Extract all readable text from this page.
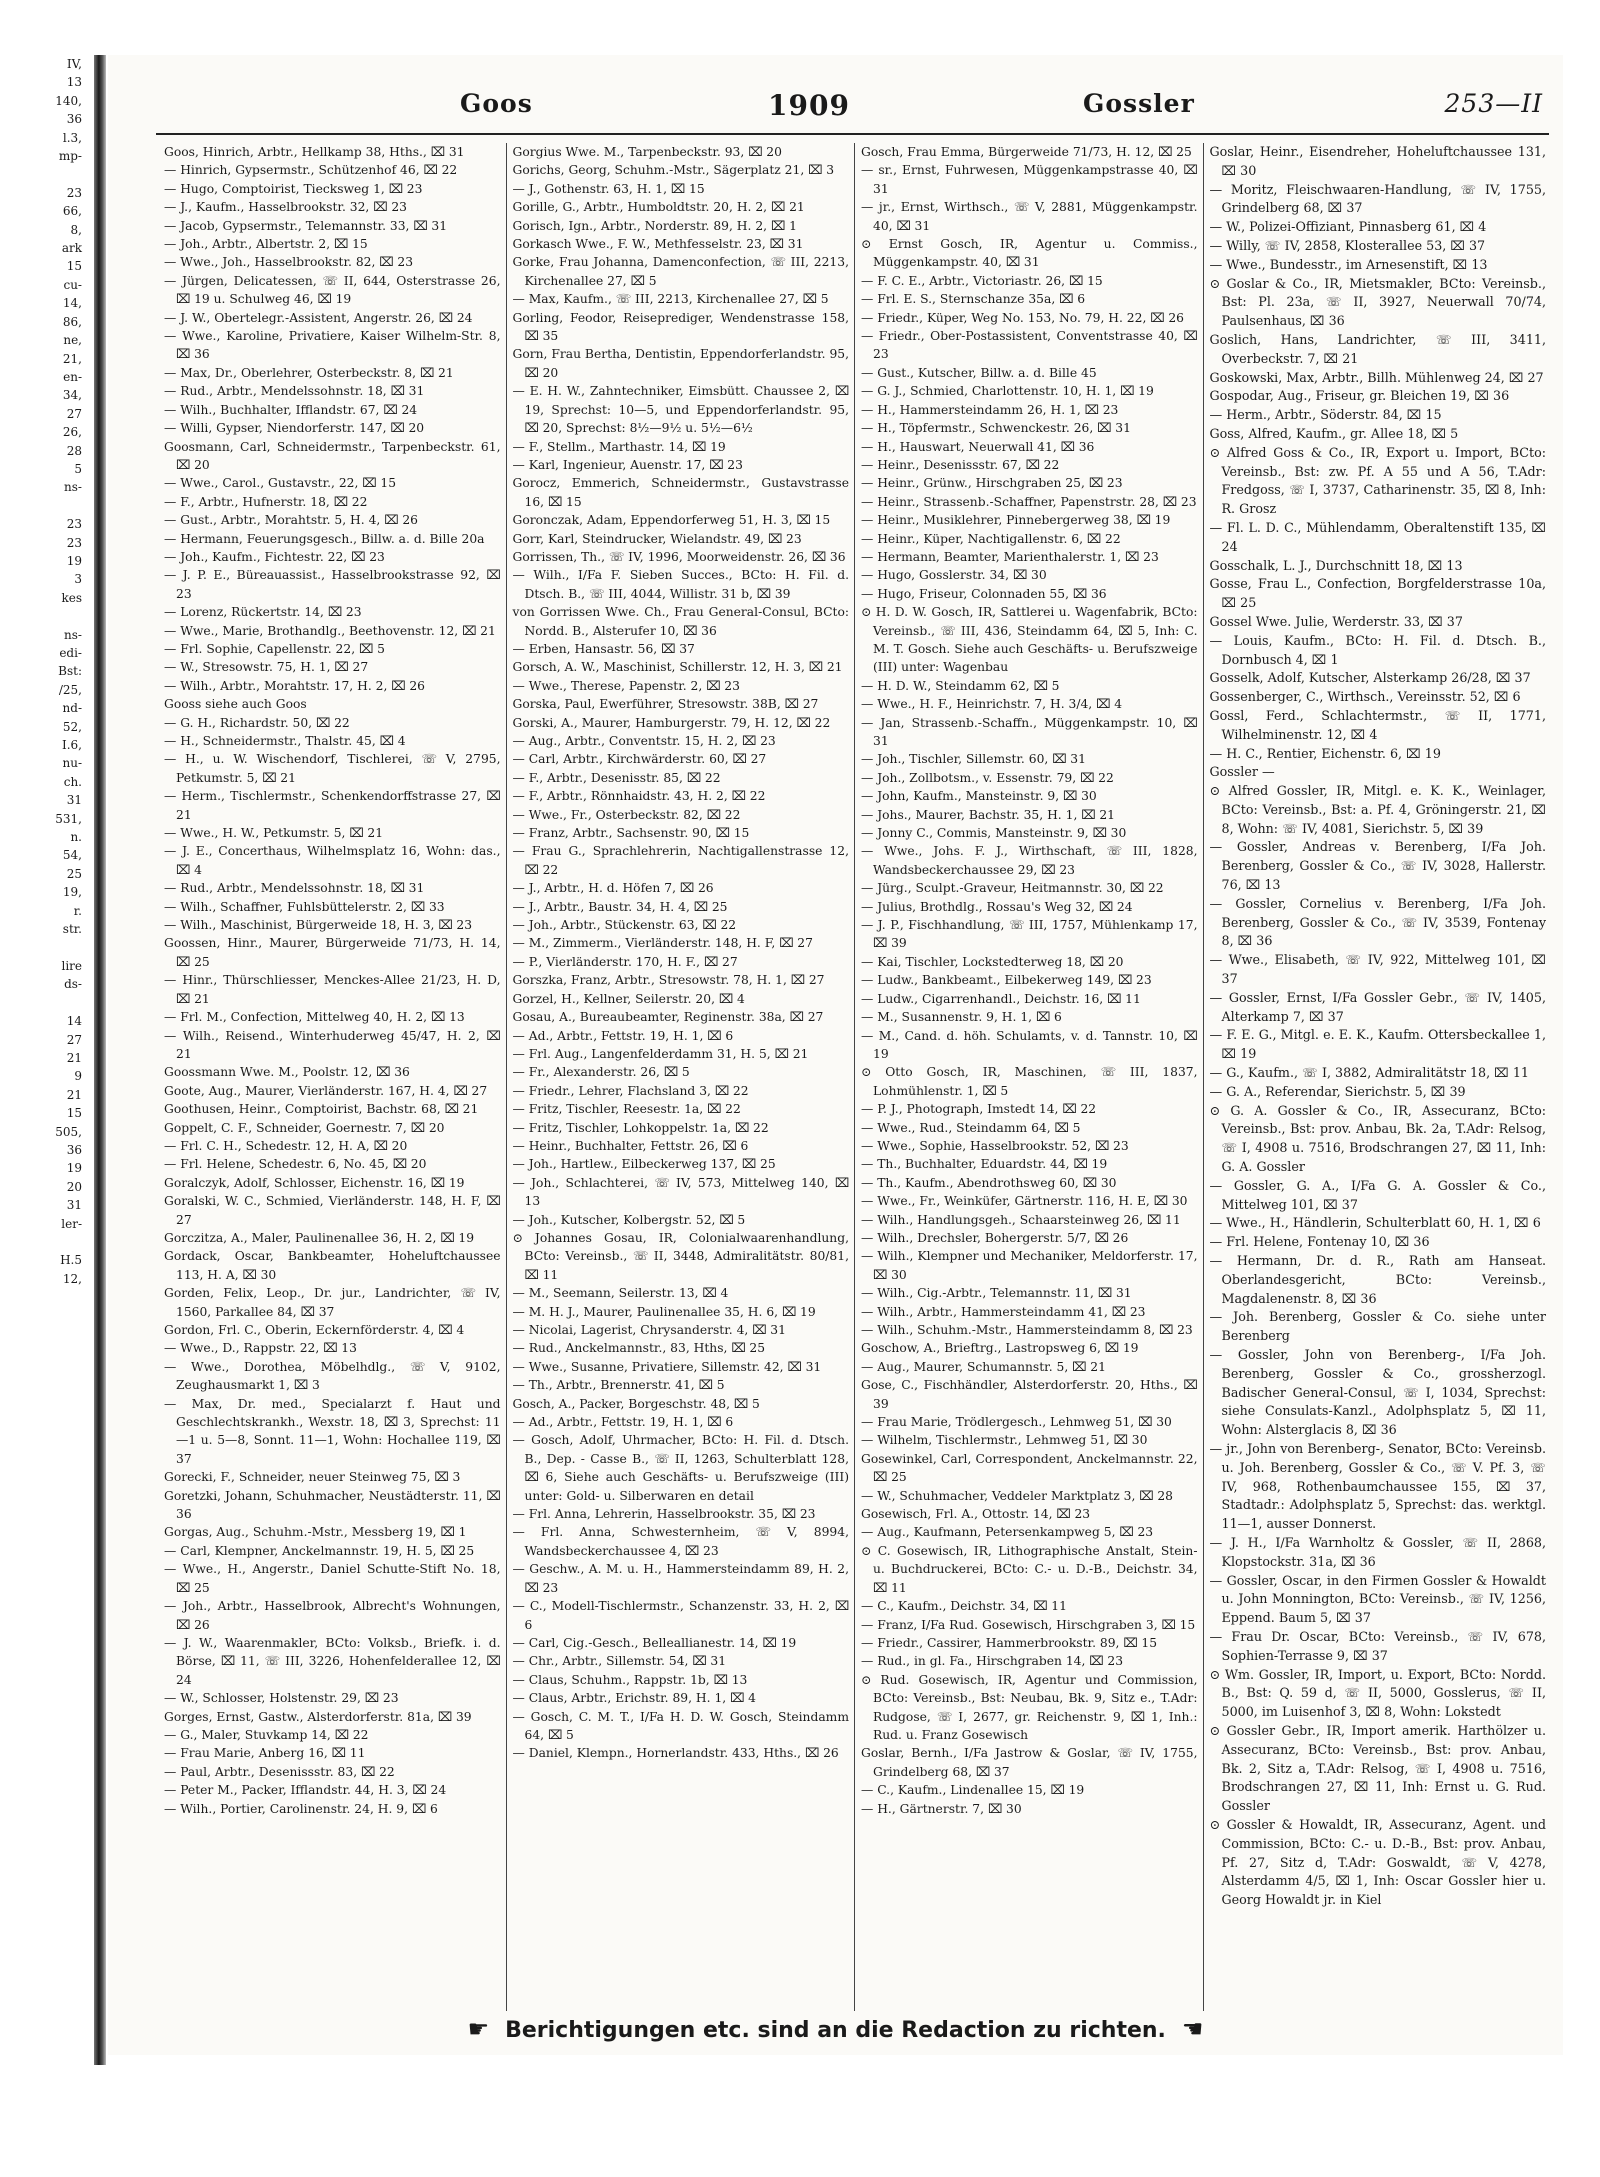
IV,
13
140,
36
l.3,
mp-

23
66,
8,
ark
15
cu-
14,
86,
ne,
21,
en-
34,
27
26,
28
5
ns-

23
23
19
3
kes

ns-
edi-
Bst:
/25,
nd-
52,
I.6,
nu-
ch.
31
531,
n.
54,
25
19,
r.
str.

lire
ds-

14
27
21
9
21
15
505,
36
19
20
31
ler-

H.5
12,

Goos	1909	Gossler	253—II
Goos, Hinrich, Arbtr., Hellkamp 38, Hths., ⌧ 31
— Hinrich, Gypsermstr., Schützenhof 46, ⌧ 22
— Hugo, Comptoirist, Tiecksweg 1, ⌧ 23
— J., Kaufm., Hasselbrookstr. 32, ⌧ 23
— Jacob, Gypsermstr., Telemannstr. 33, ⌧ 31
— Joh., Arbtr., Albertstr. 2, ⌧ 15
— Wwe., Joh., Hasselbrookstr. 82, ⌧ 23
— Jürgen, Delicatessen, ☏ II, 644, Osterstrasse 26, ⌧ 19 u. Schulweg 46, ⌧ 19
— J. W., Obertelegr.-Assistent, Angerstr. 26, ⌧ 24
— Wwe., Karoline, Privatiere, Kaiser Wilhelm-Str. 8, ⌧ 36
— Max, Dr., Oberlehrer, Osterbeckstr. 8, ⌧ 21
— Rud., Arbtr., Mendelssohnstr. 18, ⌧ 31
— Wilh., Buchhalter, Ifflandstr. 67, ⌧ 24
— Willi, Gypser, Niendorferstr. 147, ⌧ 20
Goosmann, Carl, Schneidermstr., Tarpenbeckstr. 61, ⌧ 20
— Wwe., Carol., Gustavstr., 22, ⌧ 15
— F., Arbtr., Hufnerstr. 18, ⌧ 22
— Gust., Arbtr., Morahtstr. 5, H. 4, ⌧ 26
— Hermann, Feuerungsgesch., Billw. a. d. Bille 20a
— Joh., Kaufm., Fichtestr. 22, ⌧ 23
— J. P. E., Büreauassist., Hasselbrookstrasse 92, ⌧ 23
— Lorenz, Rückertstr. 14, ⌧ 23
— Wwe., Marie, Brothandlg., Beethovenstr. 12, ⌧ 21
— Frl. Sophie, Capellenstr. 22, ⌧ 5
— W., Stresowstr. 75, H. 1, ⌧ 27
— Wilh., Arbtr., Morahtstr. 17, H. 2, ⌧ 26
Gooss siehe auch Goos
— G. H., Richardstr. 50, ⌧ 22
— H., Schneidermstr., Thalstr. 45, ⌧ 4
— H., u. W. Wischendorf, Tischlerei, ☏ V, 2795, Petkumstr. 5, ⌧ 21
— Herm., Tischlermstr., Schenkendorffstrasse 27, ⌧ 21
— Wwe., H. W., Petkumstr. 5, ⌧ 21
— J. E., Concerthaus, Wilhelmsplatz 16, Wohn: das., ⌧ 4
— Rud., Arbtr., Mendelssohnstr. 18, ⌧ 31
— Wilh., Schaffner, Fuhlsbüttelerstr. 2, ⌧ 33
— Wilh., Maschinist, Bürgerweide 18, H. 3, ⌧ 23
Goossen, Hinr., Maurer, Bürgerweide 71/73, H. 14, ⌧ 25
— Hinr., Thürschliesser, Menckes-Allee 21/23, H. D, ⌧ 21
— Frl. M., Confection, Mittelweg 40, H. 2, ⌧ 13
— Wilh., Reisend., Winterhuderweg 45/47, H. 2, ⌧ 21
Goossmann Wwe. M., Poolstr. 12, ⌧ 36
Goote, Aug., Maurer, Vierländerstr. 167, H. 4, ⌧ 27
Goothusen, Heinr., Comptoirist, Bachstr. 68, ⌧ 21
Goppelt, C. F., Schneider, Goernestr. 7, ⌧ 20
— Frl. C. H., Schedestr. 12, H. A, ⌧ 20
— Frl. Helene, Schedestr. 6, No. 45, ⌧ 20
Goralczyk, Adolf, Schlosser, Eichenstr. 16, ⌧ 19
Goralski, W. C., Schmied, Vierländerstr. 148, H. F, ⌧ 27
Gorczitza, A., Maler, Paulinenallee 36, H. 2, ⌧ 19
Gordack, Oscar, Bankbeamter, Hoheluftchaussee 113, H. A, ⌧ 30
Gorden, Felix, Leop., Dr. jur., Landrichter, ☏ IV, 1560, Parkallee 84, ⌧ 37
Gordon, Frl. C., Oberin, Eckernförderstr. 4, ⌧ 4
— Wwe., D., Rappstr. 22, ⌧ 13
— Wwe., Dorothea, Möbelhdlg., ☏ V, 9102, Zeughausmarkt 1, ⌧ 3
— Max, Dr. med., Specialarzt f. Haut und Geschlechtskrankh., Wexstr. 18, ⌧ 3, Sprechst: 11—1 u. 5—8, Sonnt. 11—1, Wohn: Hochallee 119, ⌧ 37
Gorecki, F., Schneider, neuer Steinweg 75, ⌧ 3
Goretzki, Johann, Schuhmacher, Neustädterstr. 11, ⌧ 36
Gorgas, Aug., Schuhm.-Mstr., Messberg 19, ⌧ 1
— Carl, Klempner, Anckelmannstr. 19, H. 5, ⌧ 25
— Wwe., H., Angerstr., Daniel Schutte-Stift No. 18, ⌧ 25
— Joh., Arbtr., Hasselbrook, Albrecht's Wohnungen, ⌧ 26
— J. W., Waarenmakler, BCto: Volksb., Briefk. i. d. Börse, ⌧ 11, ☏ III, 3226, Hohenfelderallee 12, ⌧ 24
— W., Schlosser, Holstenstr. 29, ⌧ 23
Gorges, Ernst, Gastw., Alsterdorferstr. 81a, ⌧ 39
— G., Maler, Stuvkamp 14, ⌧ 22
— Frau Marie, Anberg 16, ⌧ 11
— Paul, Arbtr., Desenissstr. 83, ⌧ 22
— Peter M., Packer, Ifflandstr. 44, H. 3, ⌧ 24
— Wilh., Portier, Carolinenstr. 24, H. 9, ⌧ 6
Gorgius Wwe. M., Tarpenbeckstr. 93, ⌧ 20
Gorichs, Georg, Schuhm.-Mstr., Sägerplatz 21, ⌧ 3
— J., Gothenstr. 63, H. 1, ⌧ 15
Gorille, G., Arbtr., Humboldtstr. 20, H. 2, ⌧ 21
Gorisch, Ign., Arbtr., Norderstr. 89, H. 2, ⌧ 1
Gorkasch Wwe., F. W., Methfesselstr. 23, ⌧ 31
Gorke, Frau Johanna, Damenconfection, ☏ III, 2213, Kirchenallee 27, ⌧ 5
— Max, Kaufm., ☏ III, 2213, Kirchenallee 27, ⌧ 5
Gorling, Feodor, Reiseprediger, Wendenstrasse 158, ⌧ 35
Gorn, Frau Bertha, Dentistin, Eppendorferlandstr. 95, ⌧ 20
— E. H. W., Zahntechniker, Eimsbütt. Chaussee 2, ⌧ 19, Sprechst: 10—5, und Eppendorferlandstr. 95, ⌧ 20, Sprechst: 8½—9½ u. 5½—6½
— F., Stellm., Marthastr. 14, ⌧ 19
— Karl, Ingenieur, Auenstr. 17, ⌧ 23
Gorocz, Emmerich, Schneidermstr., Gustavstrasse 16, ⌧ 15
Goronczak, Adam, Eppendorferweg 51, H. 3, ⌧ 15
Gorr, Karl, Steindrucker, Wielandstr. 49, ⌧ 23
Gorrissen, Th., ☏ IV, 1996, Moorweidenstr. 26, ⌧ 36
— Wilh., I/Fa F. Sieben Succes., BCto: H. Fil. d. Dtsch. B., ☏ III, 4044, Willistr. 31 b, ⌧ 39
von Gorrissen Wwe. Ch., Frau General-Consul, BCto: Nordd. B., Alsterufer 10, ⌧ 36
— Erben, Hansastr. 56, ⌧ 37
Gorsch, A. W., Maschinist, Schillerstr. 12, H. 3, ⌧ 21
— Wwe., Therese, Papenstr. 2, ⌧ 23
Gorska, Paul, Ewerführer, Stresowstr. 38B, ⌧ 27
Gorski, A., Maurer, Hamburgerstr. 79, H. 12, ⌧ 22
— Aug., Arbtr., Conventstr. 15, H. 2, ⌧ 23
— Carl, Arbtr., Kirchwärderstr. 60, ⌧ 27
— F., Arbtr., Desenisstr. 85, ⌧ 22
— F., Arbtr., Rönnhaidstr. 43, H. 2, ⌧ 22
— Wwe., Fr., Osterbeckstr. 82, ⌧ 22
— Franz, Arbtr., Sachsenstr. 90, ⌧ 15
— Frau G., Sprachlehrerin, Nachtigallenstrasse 12, ⌧ 22
— J., Arbtr., H. d. Höfen 7, ⌧ 26
— J., Arbtr., Baustr. 34, H. 4, ⌧ 25
— Joh., Arbtr., Stückenstr. 63, ⌧ 22
— M., Zimmerm., Vierländerstr. 148, H. F, ⌧ 27
— P., Vierländerstr. 170, H. F., ⌧ 27
Gorszka, Franz, Arbtr., Stresowstr. 78, H. 1, ⌧ 27
Gorzel, H., Kellner, Seilerstr. 20, ⌧ 4
Gosau, A., Bureaubeamter, Reginenstr. 38a, ⌧ 27
— Ad., Arbtr., Fettstr. 19, H. 1, ⌧ 6
— Frl. Aug., Langenfelderdamm 31, H. 5, ⌧ 21
— Fr., Alexanderstr. 26, ⌧ 5
— Friedr., Lehrer, Flachsland 3, ⌧ 22
— Fritz, Tischler, Reesestr. 1a, ⌧ 22
— Fritz, Tischler, Lohkoppelstr. 1a, ⌧ 22
— Heinr., Buchhalter, Fettstr. 26, ⌧ 6
— Joh., Hartlew., Eilbeckerweg 137, ⌧ 25
— Joh., Schlachterei, ☏ IV, 573, Mittelweg 140, ⌧ 13
— Joh., Kutscher, Kolbergstr. 52, ⌧ 5
⊙ Johannes Gosau, IR, Colonialwaarenhandlung, BCto: Vereinsb., ☏ II, 3448, Admiralitätstr. 80/81, ⌧ 11
— M., Seemann, Seilerstr. 13, ⌧ 4
— M. H. J., Maurer, Paulinenallee 35, H. 6, ⌧ 19
— Nicolai, Lagerist, Chrysanderstr. 4, ⌧ 31
— Rud., Anckelmannstr., 83, Hths, ⌧ 25
— Wwe., Susanne, Privatiere, Sillemstr. 42, ⌧ 31
— Th., Arbtr., Brennerstr. 41, ⌧ 5
Gosch, A., Packer, Borgeschstr. 48, ⌧ 5
— Ad., Arbtr., Fettstr. 19, H. 1, ⌧ 6
— Gosch, Adolf, Uhrmacher, BCto: H. Fil. d. Dtsch. B., Dep. - Casse B., ☏ II, 1263, Schulterblatt 128, ⌧ 6, Siehe auch Geschäfts- u. Berufszweige (III) unter: Gold- u. Silberwaren en detail
— Frl. Anna, Lehrerin, Hasselbrookstr. 35, ⌧ 23
— Frl. Anna, Schwesternheim, ☏ V, 8994, Wandsbeckerchaussee 4, ⌧ 23
— Geschw., A. M. u. H., Hammersteindamm 89, H. 2, ⌧ 23
— C., Modell-Tischlermstr., Schanzenstr. 33, H. 2, ⌧ 6
— Carl, Cig.-Gesch., Belleallianestr. 14, ⌧ 19
— Chr., Arbtr., Sillemstr. 54, ⌧ 31
— Claus, Schuhm., Rappstr. 1b, ⌧ 13
— Claus, Arbtr., Erichstr. 89, H. 1, ⌧ 4
— Gosch, C. M. T., I/Fa H. D. W. Gosch, Steindamm 64, ⌧ 5
— Daniel, Klempn., Hornerlandstr. 433, Hths., ⌧ 26
Gosch, Frau Emma, Bürgerweide 71/73, H. 12, ⌧ 25
— sr., Ernst, Fuhrwesen, Müggenkampstrasse 40, ⌧ 31
— jr., Ernst, Wirthsch., ☏ V, 2881, Müggenkampstr. 40, ⌧ 31
⊙ Ernst Gosch, IR, Agentur u. Commiss., Müggenkampstr. 40, ⌧ 31
— F. C. E., Arbtr., Victoriastr. 26, ⌧ 15
— Frl. E. S., Sternschanze 35a, ⌧ 6
— Friedr., Küper, Weg No. 153, No. 79, H. 22, ⌧ 26
— Friedr., Ober-Postassistent, Conventstrasse 40, ⌧ 23
— Gust., Kutscher, Billw. a. d. Bille 45
— G. J., Schmied, Charlottenstr. 10, H. 1, ⌧ 19
— H., Hammersteindamm 26, H. 1, ⌧ 23
— H., Töpfermstr., Schwenckestr. 26, ⌧ 31
— H., Hauswart, Neuerwall 41, ⌧ 36
— Heinr., Desenissstr. 67, ⌧ 22
— Heinr., Grünw., Hirschgraben 25, ⌧ 23
— Heinr., Strassenb.-Schaffner, Papenstrstr. 28, ⌧ 23
— Heinr., Musiklehrer, Pinnebergerweg 38, ⌧ 19
— Heinr., Küper, Nachtigallenstr. 6, ⌧ 22
— Hermann, Beamter, Marienthalerstr. 1, ⌧ 23
— Hugo, Gosslerstr. 34, ⌧ 30
— Hugo, Friseur, Colonnaden 55, ⌧ 36
⊙ H. D. W. Gosch, IR, Sattlerei u. Wagenfabrik, BCto: Vereinsb., ☏ III, 436, Steindamm 64, ⌧ 5, Inh: C. M. T. Gosch. Siehe auch Geschäfts- u. Berufszweige (III) unter: Wagenbau
— H. D. W., Steindamm 62, ⌧ 5
— Wwe., H. F., Heinrichstr. 7, H. 3/4, ⌧ 4
— Jan, Strassenb.-Schaffn., Müggenkampstr. 10, ⌧ 31
— Joh., Tischler, Sillemstr. 60, ⌧ 31
— Joh., Zollbotsm., v. Essenstr. 79, ⌧ 22
— John, Kaufm., Mansteinstr. 9, ⌧ 30
— Johs., Maurer, Bachstr. 35, H. 1, ⌧ 21
— Jonny C., Commis, Mansteinstr. 9, ⌧ 30
— Wwe., Johs. F. J., Wirthschaft, ☏ III, 1828, Wandsbeckerchaussee 29, ⌧ 23
— Jürg., Sculpt.-Graveur, Heitmannstr. 30, ⌧ 22
— Julius, Brothdlg., Rossau's Weg 32, ⌧ 24
— J. P., Fischhandlung, ☏ III, 1757, Mühlenkamp 17, ⌧ 39
— Kai, Tischler, Lockstedterweg 18, ⌧ 20
— Ludw., Bankbeamt., Eilbekerweg 149, ⌧ 23
— Ludw., Cigarrenhandl., Deichstr. 16, ⌧ 11
— M., Susannenstr. 9, H. 1, ⌧ 6
— M., Cand. d. höh. Schulamts, v. d. Tannstr. 10, ⌧ 19
⊙ Otto Gosch, IR, Maschinen, ☏ III, 1837, Lohmühlenstr. 1, ⌧ 5
— P. J., Photograph, Imstedt 14, ⌧ 22
— Wwe., Rud., Steindamm 64, ⌧ 5
— Wwe., Sophie, Hasselbrookstr. 52, ⌧ 23
— Th., Buchhalter, Eduardstr. 44, ⌧ 19
— Th., Kaufm., Abendrothsweg 60, ⌧ 30
— Wwe., Fr., Weinküfer, Gärtnerstr. 116, H. E, ⌧ 30
— Wilh., Handlungsgeh., Schaarsteinweg 26, ⌧ 11
— Wilh., Drechsler, Bohergerstr. 5/7, ⌧ 26
— Wilh., Klempner und Mechaniker, Meldorferstr. 17, ⌧ 30
— Wilh., Cig.-Arbtr., Telemannstr. 11, ⌧ 31
— Wilh., Arbtr., Hammersteindamm 41, ⌧ 23
— Wilh., Schuhm.-Mstr., Hammersteindamm 8, ⌧ 23
Goschow, A., Brieftrg., Lastropsweg 6, ⌧ 19
— Aug., Maurer, Schumannstr. 5, ⌧ 21
Gose, C., Fischhändler, Alsterdorferstr. 20, Hths., ⌧ 39
— Frau Marie, Trödlergesch., Lehmweg 51, ⌧ 30
— Wilhelm, Tischlermstr., Lehmweg 51, ⌧ 30
Gosewinkel, Carl, Correspondent, Anckelmannstr. 22, ⌧ 25
— W., Schuhmacher, Veddeler Marktplatz 3, ⌧ 28
Gosewisch, Frl. A., Ottostr. 14, ⌧ 23
— Aug., Kaufmann, Petersenkampweg 5, ⌧ 23
⊙ C. Gosewisch, IR, Lithographische Anstalt, Stein- u. Buchdruckerei, BCto: C.- u. D.-B., Deichstr. 34, ⌧ 11
— C., Kaufm., Deichstr. 34, ⌧ 11
— Franz, I/Fa Rud. Gosewisch, Hirschgraben 3, ⌧ 15
— Friedr., Cassirer, Hammerbrookstr. 89, ⌧ 15
— Rud., in gl. Fa., Hirschgraben 14, ⌧ 23
⊙ Rud. Gosewisch, IR, Agentur und Commission, BCto: Vereinsb., Bst: Neubau, Bk. 9, Sitz e., T.Adr: Rudgose, ☏ I, 2677, gr. Reichenstr. 9, ⌧ 1, Inh.: Rud. u. Franz Gosewisch
Goslar, Bernh., I/Fa Jastrow & Goslar, ☏ IV, 1755, Grindelberg 68, ⌧ 37
— C., Kaufm., Lindenallee 15, ⌧ 19
— H., Gärtnerstr. 7, ⌧ 30
Goslar, Heinr., Eisendreher, Hoheluftchaussee 131, ⌧ 30
— Moritz, Fleischwaaren-Handlung, ☏ IV, 1755, Grindelberg 68, ⌧ 37
— W., Polizei-Offiziant, Pinnasberg 61, ⌧ 4
— Willy, ☏ IV, 2858, Klosterallee 53, ⌧ 37
— Wwe., Bundesstr., im Arnesenstift, ⌧ 13
⊙ Goslar & Co., IR, Mietsmakler, BCto: Vereinsb., Bst: Pl. 23a, ☏ II, 3927, Neuerwall 70/74, Paulsenhaus, ⌧ 36
Goslich, Hans, Landrichter, ☏ III, 3411, Overbeckstr. 7, ⌧ 21
Goskowski, Max, Arbtr., Billh. Mühlenweg 24, ⌧ 27
Gospodar, Aug., Friseur, gr. Bleichen 19, ⌧ 36
— Herm., Arbtr., Söderstr. 84, ⌧ 15
Goss, Alfred, Kaufm., gr. Allee 18, ⌧ 5
⊙ Alfred Goss & Co., IR, Export u. Import, BCto: Vereinsb., Bst: zw. Pf. A 55 und A 56, T.Adr: Fredgoss, ☏ I, 3737, Catharinenstr. 35, ⌧ 8, Inh: R. Grosz
— Fl. L. D. C., Mühlendamm, Oberaltenstift 135, ⌧ 24
Gosschalk, L. J., Durchschnitt 18, ⌧ 13
Gosse, Frau L., Confection, Borgfelderstrasse 10a, ⌧ 25
Gossel Wwe. Julie, Werderstr. 33, ⌧ 37
— Louis, Kaufm., BCto: H. Fil. d. Dtsch. B., Dornbusch 4, ⌧ 1
Gosselk, Adolf, Kutscher, Alsterkamp 26/28, ⌧ 37
Gossenberger, C., Wirthsch., Vereinsstr. 52, ⌧ 6
Gossl, Ferd., Schlachtermstr., ☏ II, 1771, Wilhelminenstr. 12, ⌧ 4
— H. C., Rentier, Eichenstr. 6, ⌧ 19
Gossler —
⊙ Alfred Gossler, IR, Mitgl. e. K. K., Weinlager, BCto: Vereinsb., Bst: a. Pf. 4, Gröningerstr. 21, ⌧ 8, Wohn: ☏ IV, 4081, Sierichstr. 5, ⌧ 39
— Gossler, Andreas v. Berenberg, I/Fa Joh. Berenberg, Gossler & Co., ☏ IV, 3028, Hallerstr. 76, ⌧ 13
— Gossler, Cornelius v. Berenberg, I/Fa Joh. Berenberg, Gossler & Co., ☏ IV, 3539, Fontenay 8, ⌧ 36
— Wwe., Elisabeth, ☏ IV, 922, Mittelweg 101, ⌧ 37
— Gossler, Ernst, I/Fa Gossler Gebr., ☏ IV, 1405, Alterkamp 7, ⌧ 37
— F. E. G., Mitgl. e. E. K., Kaufm. Ottersbeckallee 1, ⌧ 19
— G., Kaufm., ☏ I, 3882, Admiralitätstr 18, ⌧ 11
— G. A., Referendar, Sierichstr. 5, ⌧ 39
⊙ G. A. Gossler & Co., IR, Assecuranz, BCto: Vereinsb., Bst: prov. Anbau, Bk. 2a, T.Adr: Relsog, ☏ I, 4908 u. 7516, Brodschrangen 27, ⌧ 11, Inh: G. A. Gossler
— Gossler, G. A., I/Fa G. A. Gossler & Co., Mittelweg 101, ⌧ 37
— Wwe., H., Händlerin, Schulterblatt 60, H. 1, ⌧ 6
— Frl. Helene, Fontenay 10, ⌧ 36
— Hermann, Dr. d. R., Rath am Hanseat. Oberlandesgericht, BCto: Vereinsb., Magdalenenstr. 8, ⌧ 36
— Joh. Berenberg, Gossler & Co. siehe unter Berenberg
— Gossler, John von Berenberg-, I/Fa Joh. Berenberg, Gossler & Co., grossherzogl. Badischer General-Consul, ☏ I, 1034, Sprechst: siehe Consulats-Kanzl., Adolphsplatz 5, ⌧ 11, Wohn: Alsterglacis 8, ⌧ 36
— jr., John von Berenberg-, Senator, BCto: Vereinsb. u. Joh. Berenberg, Gossler & Co., ☏ V. Pf. 3, ☏ IV, 968, Rothenbaumchaussee 155, ⌧ 37, Stadtadr.: Adolphsplatz 5, Sprechst: das. werktgl. 11—1, ausser Donnerst.
— J. H., I/Fa Warnholtz & Gossler, ☏ II, 2868, Klopstockstr. 31a, ⌧ 36
— Gossler, Oscar, in den Firmen Gossler & Howaldt u. John Monnington, BCto: Vereinsb., ☏ IV, 1256, Eppend. Baum 5, ⌧ 37
— Frau Dr. Oscar, BCto: Vereinsb., ☏ IV, 678, Sophien-Terrasse 9, ⌧ 37
⊙ Wm. Gossler, IR, Import, u. Export, BCto: Nordd. B., Bst: Q. 59 d, ☏ II, 5000, Gosslerus, ☏ II, 5000, im Luisenhof 3, ⌧ 8, Wohn: Lokstedt
⊙ Gossler Gebr., IR, Import amerik. Harthölzer u. Assecuranz, BCto: Vereinsb., Bst: prov. Anbau, Bk. 2, Sitz a, T.Adr: Relsog, ☏ I, 4908 u. 7516, Brodschrangen 27, ⌧ 11, Inh: Ernst u. G. Rud. Gossler
⊙ Gossler & Howaldt, IR, Assecuranz, Agent. und Commission, BCto: C.- u. D.-B., Bst: prov. Anbau, Pf. 27, Sitz d, T.Adr: Goswaldt, ☏ V, 4278, Alsterdamm 4/5, ⌧ 1, Inh: Oscar Gossler hier u. Georg Howaldt jr. in Kiel
☛ Berichtigungen etc. sind an die Redaction zu richten. ☚
